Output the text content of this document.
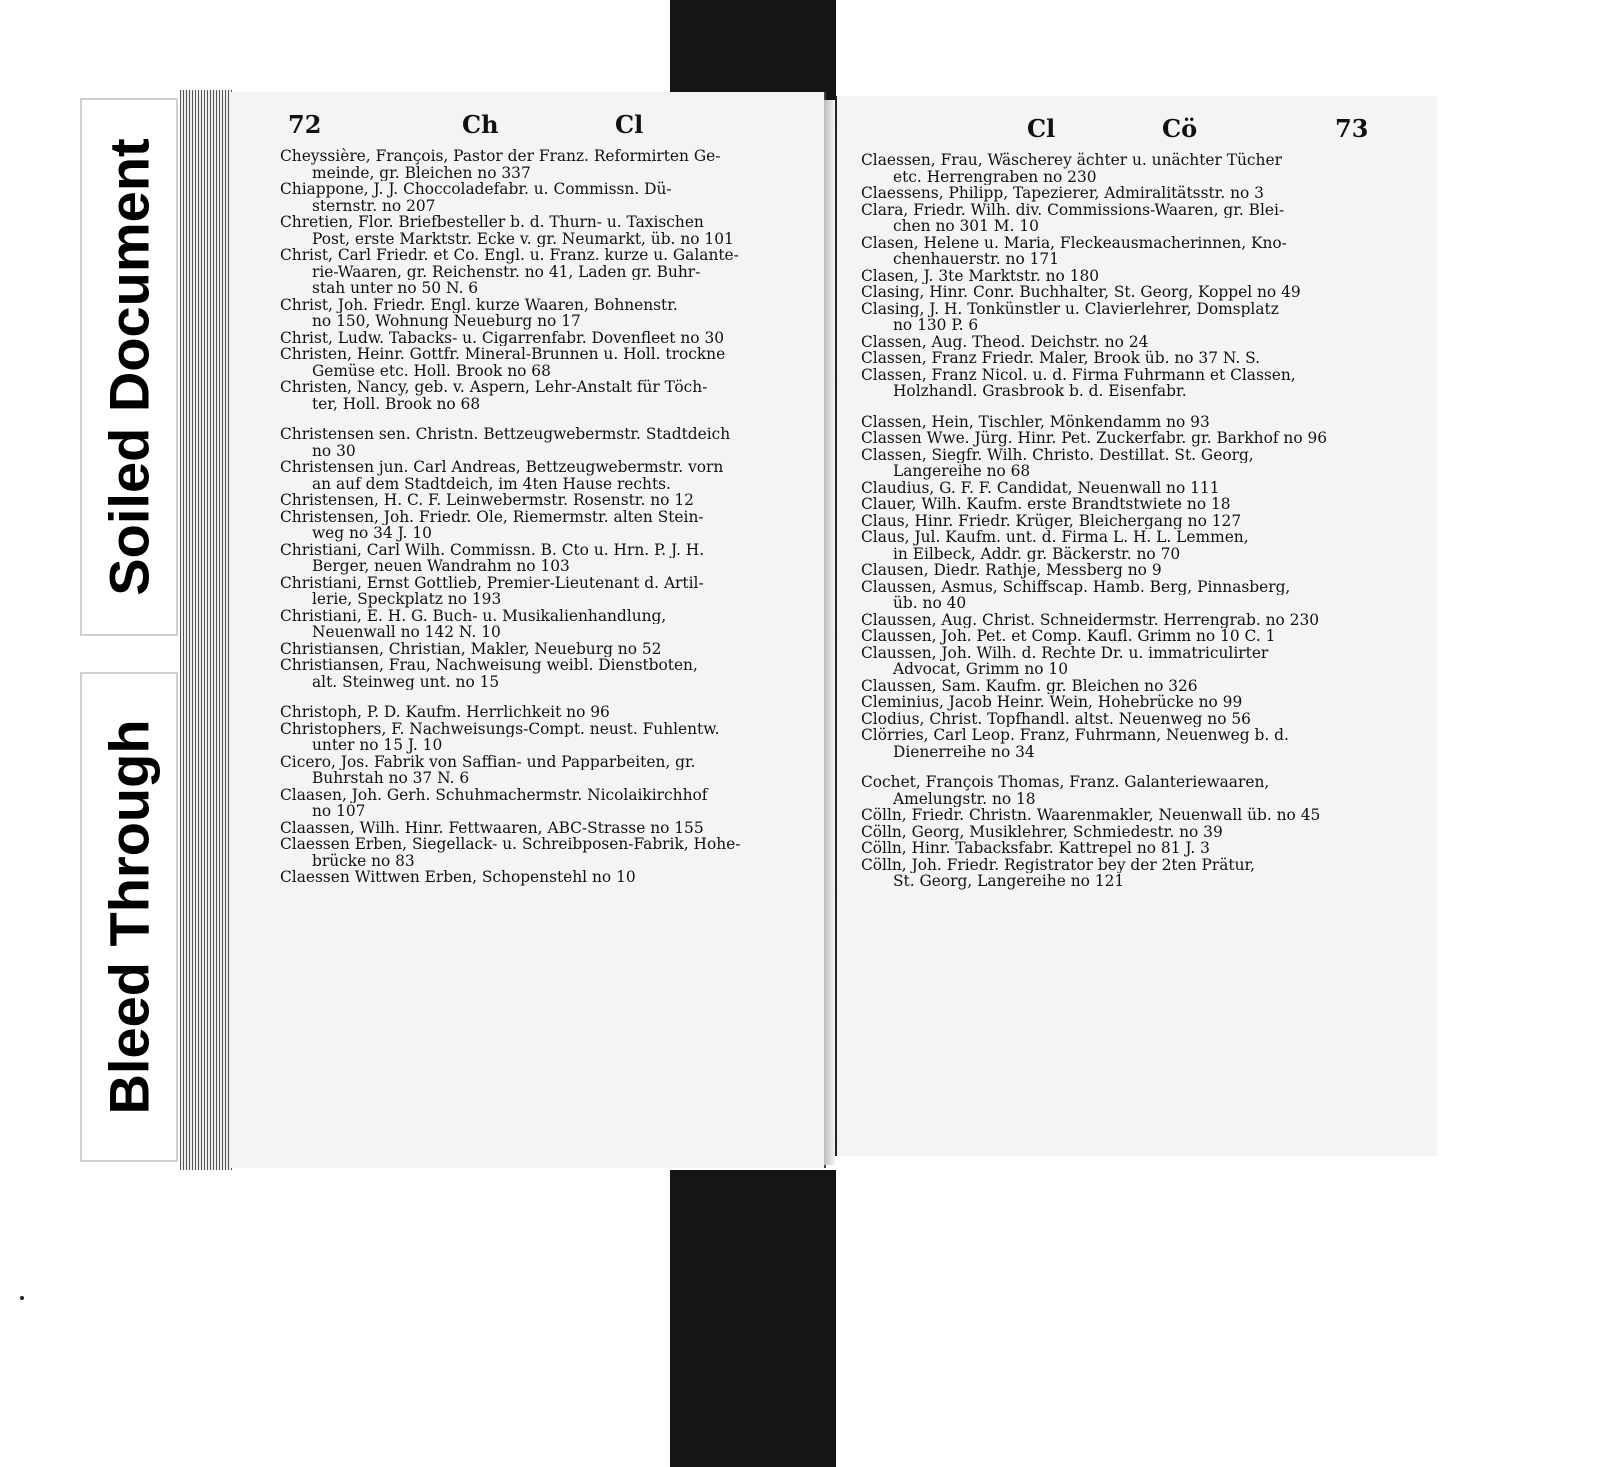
Soiled Document
Bleed Through
72	Ch	Cl
Cheyssière, François, Pastor der Franz. Reformirten Ge-
meinde, gr. Bleichen no 337
Chiappone, J. J. Choccoladefabr. u. Commissn. Dü-
sternstr. no 207
Chretien, Flor. Briefbesteller b. d. Thurn- u. Taxischen
Post, erste Marktstr. Ecke v. gr. Neumarkt, üb. no 101
Christ, Carl Friedr. et Co. Engl. u. Franz. kurze u. Galante-
rie-Waaren, gr. Reichenstr. no 41, Laden gr. Buhr-
stah unter no 50 N. 6
Christ, Joh. Friedr. Engl. kurze Waaren, Bohnenstr.
no 150, Wohnung Neueburg no 17
Christ, Ludw. Tabacks- u. Cigarrenfabr. Dovenfleet no 30
Christen, Heinr. Gottfr. Mineral-Brunnen u. Holl. trockne
Gemüse etc. Holl. Brook no 68
Christen, Nancy, geb. v. Aspern, Lehr-Anstalt für Töch-
ter, Holl. Brook no 68
Christensen sen. Christn. Bettzeugwebermstr. Stadtdeich
no 30
Christensen jun. Carl Andreas, Bettzeugwebermstr. vorn
an auf dem Stadtdeich, im 4ten Hause rechts.
Christensen, H. C. F. Leinwebermstr. Rosenstr. no 12
Christensen, Joh. Friedr. Ole, Riemermstr. alten Stein-
weg no 34 J. 10
Christiani, Carl Wilh. Commissn. B. Cto u. Hrn. P. J. H.
Berger, neuen Wandrahm no 103
Christiani, Ernst Gottlieb, Premier-Lieutenant d. Artil-
lerie, Speckplatz no 193
Christiani, E. H. G. Buch- u. Musikalienhandlung,
Neuenwall no 142 N. 10
Christiansen, Christian, Makler, Neueburg no 52
Christiansen, Frau, Nachweisung weibl. Dienstboten,
alt. Steinweg unt. no 15
Christoph, P. D. Kaufm. Herrlichkeit no 96
Christophers, F. Nachweisungs-Compt. neust. Fuhlentw.
unter no 15 J. 10
Cicero, Jos. Fabrik von Saffian- und Papparbeiten, gr.
Buhrstah no 37 N. 6
Claasen, Joh. Gerh. Schuhmachermstr. Nicolaikirchhof
no 107
Claassen, Wilh. Hinr. Fettwaaren, ABC-Strasse no 155
Claessen Erben, Siegellack- u. Schreibposen-Fabrik, Hohe-
brücke no 83
Claessen Wittwen Erben, Schopenstehl no 10
Cl	Cö	73
Claessen, Frau, Wäscherey ächter u. unächter Tücher
etc. Herrengraben no 230
Claessens, Philipp, Tapezierer, Admiralitätsstr. no 3
Clara, Friedr. Wilh. div. Commissions-Waaren, gr. Blei-
chen no 301 M. 10
Clasen, Helene u. Maria, Fleckeausmacherinnen, Kno-
chenhauerstr. no 171
Clasen, J. 3te Marktstr. no 180
Clasing, Hinr. Conr. Buchhalter, St. Georg, Koppel no 49
Clasing, J. H. Tonkünstler u. Clavierlehrer, Domsplatz
no 130 P. 6
Classen, Aug. Theod. Deichstr. no 24
Classen, Franz Friedr. Maler, Brook üb. no 37 N. S.
Classen, Franz Nicol. u. d. Firma Fuhrmann et Classen,
Holzhandl. Grasbrook b. d. Eisenfabr.
Classen, Hein, Tischler, Mönkendamm no 93
Classen Wwe. Jürg. Hinr. Pet. Zuckerfabr. gr. Barkhof no 96
Classen, Siegfr. Wilh. Christo. Destillat. St. Georg,
Langereihe no 68
Claudius, G. F. F. Candidat, Neuenwall no 111
Clauer, Wilh. Kaufm. erste Brandtstwiete no 18
Claus, Hinr. Friedr. Krüger, Bleichergang no 127
Claus, Jul. Kaufm. unt. d. Firma L. H. L. Lemmen,
in Eilbeck, Addr. gr. Bäckerstr. no 70
Clausen, Diedr. Rathje, Messberg no 9
Claussen, Asmus, Schiffscap. Hamb. Berg, Pinnasberg,
üb. no 40
Claussen, Aug. Christ. Schneidermstr. Herrengrab. no 230
Claussen, Joh. Pet. et Comp. Kaufl. Grimm no 10 C. 1
Claussen, Joh. Wilh. d. Rechte Dr. u. immatriculirter
Advocat, Grimm no 10
Claussen, Sam. Kaufm. gr. Bleichen no 326
Cleminius, Jacob Heinr. Wein, Hohebrücke no 99
Clodius, Christ. Topfhandl. altst. Neuenweg no 56
Clörries, Carl Leop. Franz, Fuhrmann, Neuenweg b. d.
Dienerreihe no 34
Cochet, François Thomas, Franz. Galanteriewaaren,
Amelungstr. no 18
Cölln, Friedr. Christn. Waarenmakler, Neuenwall üb. no 45
Cölln, Georg, Musiklehrer, Schmiedestr. no 39
Cölln, Hinr. Tabacksfabr. Kattrepel no 81 J. 3
Cölln, Joh. Friedr. Registrator bey der 2ten Prätur,
St. Georg, Langereihe no 121
